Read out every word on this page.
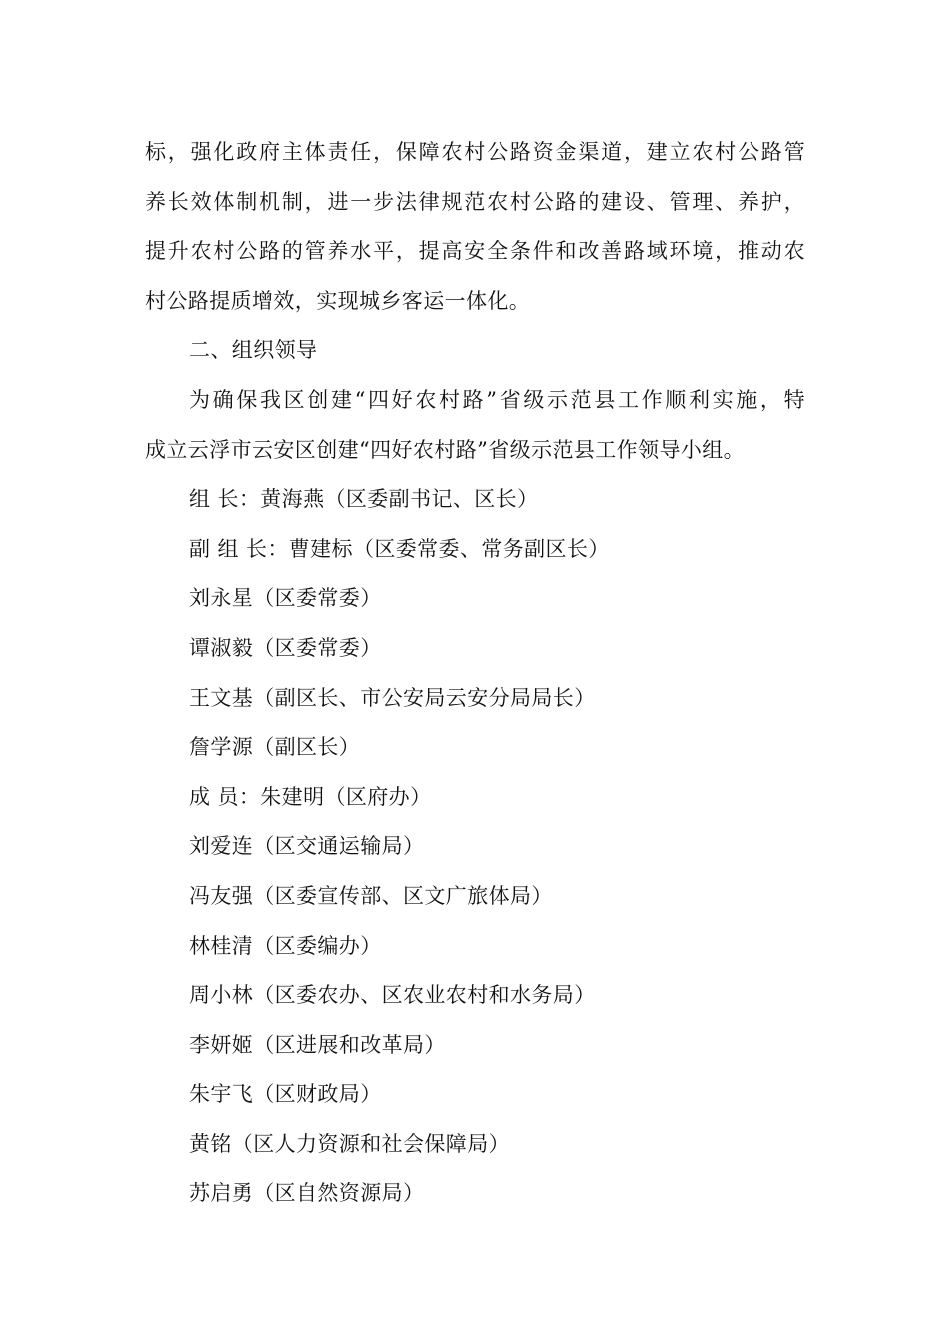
标，强化政府主体责任，保障农村公路资金渠道，建立农村公路管
养长效体制机制，进一步法律规范农村公路的建设、管理、养护，
提升农村公路的管养水平，提高安全条件和改善路域环境，推动农
村公路提质增效，实现城乡客运一体化。
二、组织领导
为确保我区创建“四好农村路”省级示范县工作顺利实施，特
成立云浮市云安区创建“四好农村路”省级示范县工作领导小组。
组 长：黄海燕（区委副书记、区长）
副 组 长：曹建标（区委常委、常务副区长）
刘永星（区委常委）
谭淑毅（区委常委）
王文基（副区长、市公安局云安分局局长）
詹学源（副区长）
成 员：朱建明（区府办）
刘爱连（区交通运输局）
冯友强（区委宣传部、区文广旅体局）
林桂清（区委编办）
周小林（区委农办、区农业农村和水务局）
李妍姬（区进展和改革局）
朱宇飞（区财政局）
黄铭（区人力资源和社会保障局）
苏启勇（区自然资源局）
